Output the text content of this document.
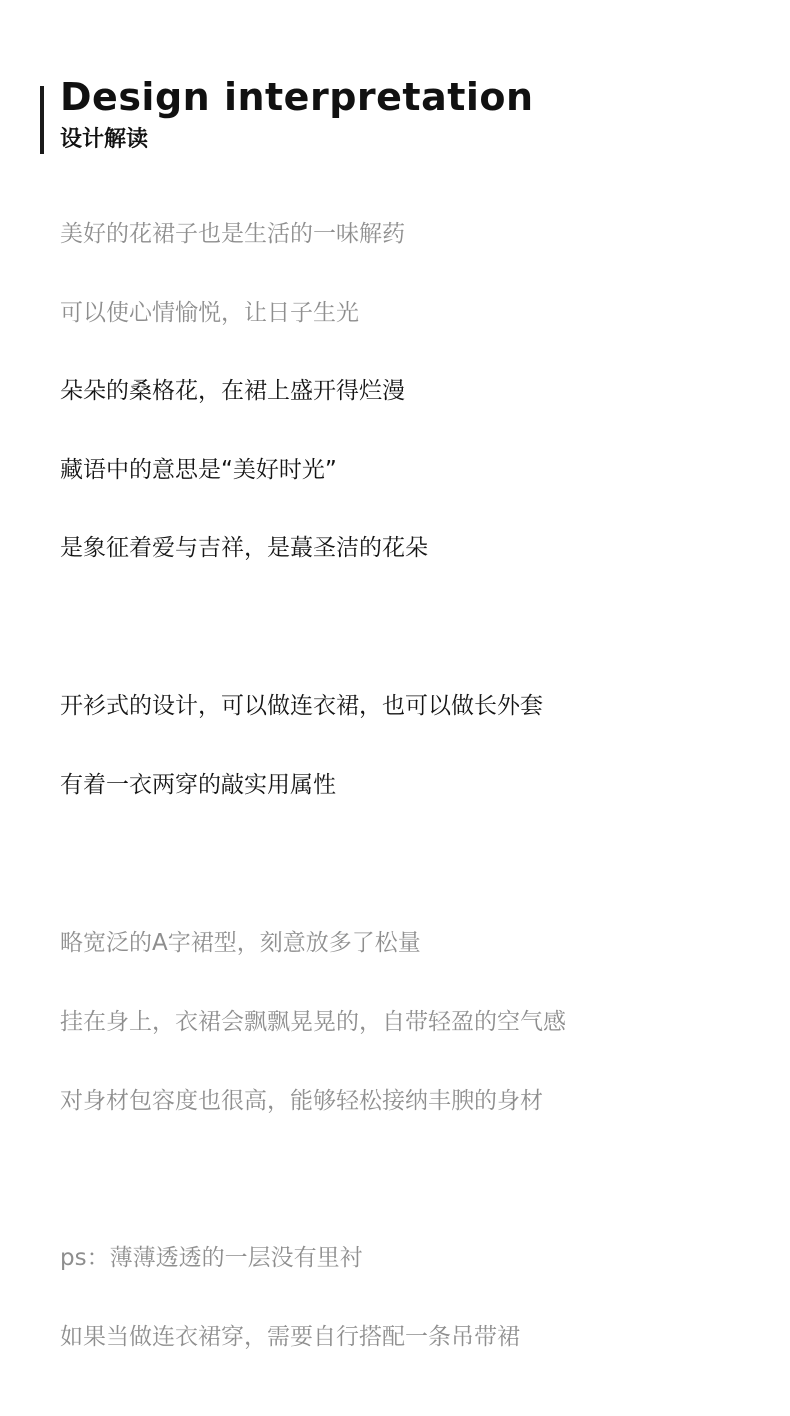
Design interpretation
设计解读

美好的花裙子也是生活的一味解药

可以使心情愉悦，让日子生光

朵朵的桑格花，在裙上盛开得烂漫

藏语中的意思是“美好时光”

是象征着爱与吉祥，是蕞圣洁的花朵

开衫式的设计，可以做连衣裙，也可以做长外套

有着一衣两穿的敲实用属性

略宽泛的A字裙型，刻意放多了松量

挂在身上，衣裙会飘飘晃晃的，自带轻盈的空气感

对身材包容度也很高，能够轻松接纳丰腴的身材

ps：薄薄透透的一层没有里衬

如果当做连衣裙穿，需要自行搭配一条吊带裙
